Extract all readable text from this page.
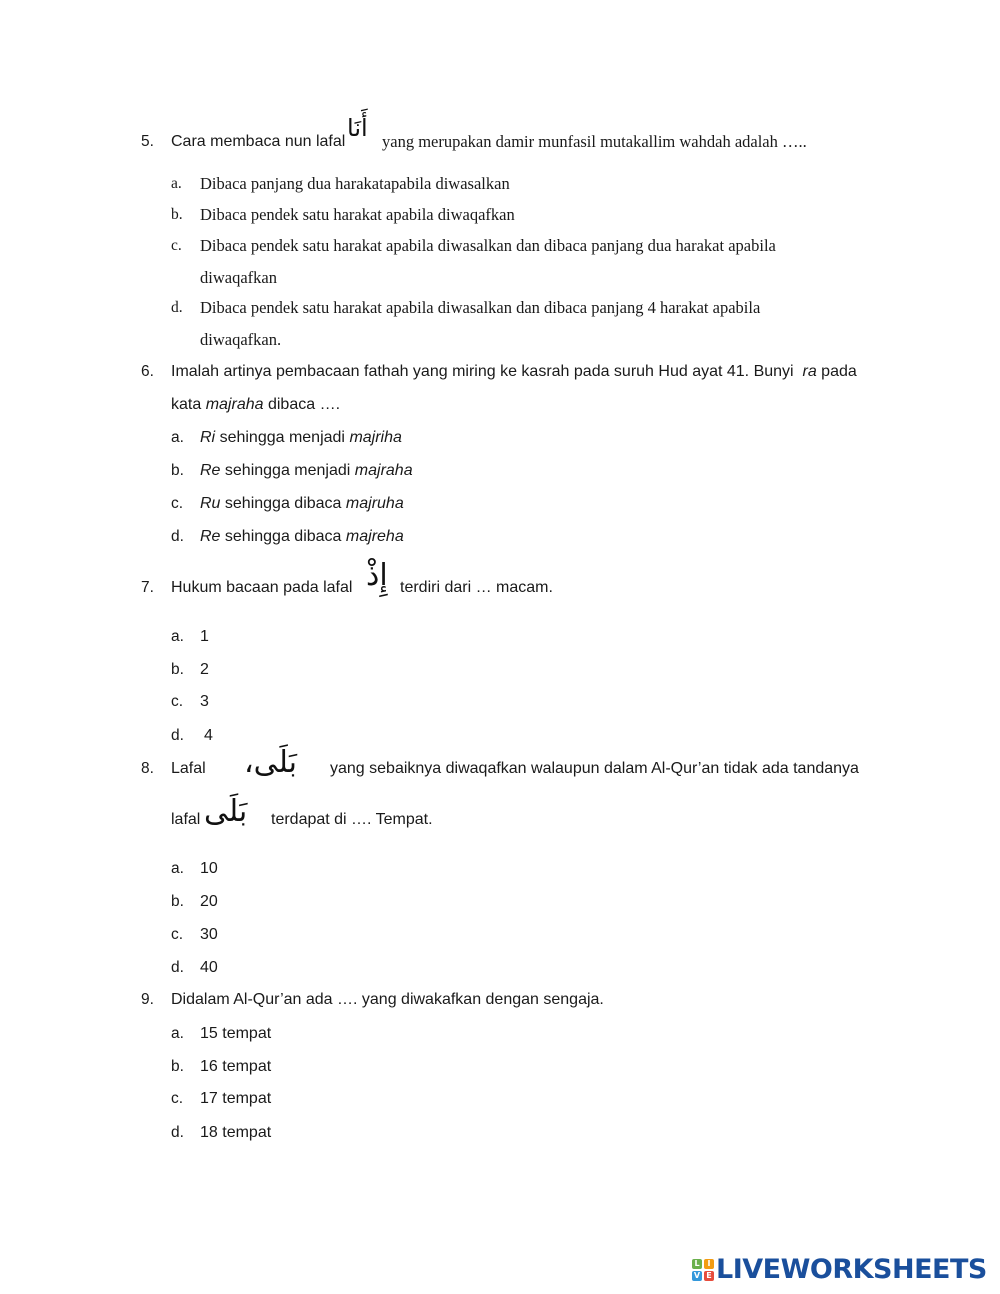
5. Cara membaca nun lafal أَنَا yang merupakan damir munfasil mutakallim wahdah adalah …..
a. Dibaca panjang dua harakatapabila diwasalkan
b. Dibaca pendek satu harakat apabila diwaqafkan
c. Dibaca pendek satu harakat apabila diwasalkan dan dibaca panjang dua harakat apabila
diwaqafkan
d. Dibaca pendek satu harakat apabila diwasalkan dan dibaca panjang 4 harakat apabila
diwaqafkan.
6. Imalah artinya pembacaan fathah yang miring ke kasrah pada suruh Hud ayat 41. Bunyi ra pada
kata majraha dibaca ….
a. Ri sehingga menjadi majriha
b. Re sehingga menjadi majraha
c. Ru sehingga dibaca majruha
d. Re sehingga dibaca majreha
7. Hukum bacaan pada lafal إِذْ terdiri dari … macam.
a. 1
b. 2
c. 3
d. 4
8. Lafal بَلَى، yang sebaiknya diwaqafkan walaupun dalam Al-Qur’an tidak ada tandanya
lafal بَلَى terdapat di …. Tempat.
a. 10
b. 20
c. 30
d. 40
9. Didalam Al-Qur’an ada …. yang diwakafkan dengan sengaja.
a. 15 tempat
b. 16 tempat
c. 17 tempat
d. 18 tempat
L I
V E LIVEWORKSHEETS
